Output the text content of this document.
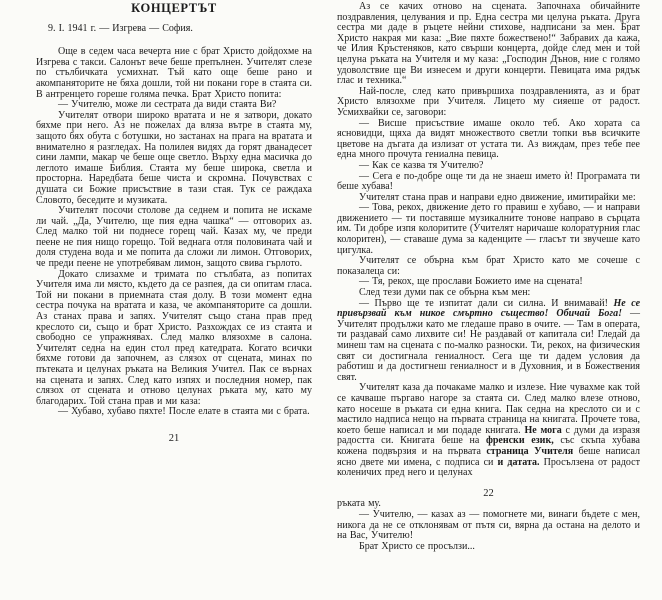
КОНЦЕРТЪТ

9. I. 1941 г. — Изгрева — София.

Още в седем часа вечерта ние с брат Христо дойдохме на Изгрева с такси. Салонът вече беше препълнен. Учителят слезе по стълбичката усмихнат. Тъй като още беше рано и акомпаняторите не бяха дошли, той ни покани горе в стаята си. В антренцето гореше голяма печка. Брат Христо попита:

— Учителю, може ли сестрата да види стаята Ви?

Учителят отвори широко вратата и не я затвори, докато бяхме при него. Аз не пожелах да вляза вътре в стаята му, защото бях обута с ботушки, но застанах на прага на вратата и внимателно я разгледах. На полилея видях да горят дванадесет сини лампи, макар че беше още светло. Върху една масичка до леглото имаше Библия. Стаята му беше широка, светла и просторна. Наредбата беше чиста и скромна. Почувствах с душата си Божие присъствие в тази стая. Тук се раждаха Словото, беседите и музиката.

Учителят посочи столове да седнем и попита не искаме ли чай. „Да, Учителю, ще пия една чашка“ — отговорих аз. След малко той ни поднесе горещ чай. Казах му, че преди пеене не пия нищо горещо. Той веднага отля половината чай и доля студена вода и ме попита да сложи ли лимон. Отговорих, че преди пеене не употребявам лимон, защото свива гърлото.

Докато слизахме и тримата по стълбата, аз попитах Учителя има ли място, където да се разпея, да си опитам гласа. Той ни покани в приемната стая долу. В този момент една сестра почука на вратата и каза, че акомпаняторите са дошли. Аз станах права и запях. Учителят също стана прав пред креслото си, също и брат Христо. Разхождах се из стаята и свободно се упражнявах. След малко влязохме в салона. Учителят седна на един стол пред катедрата. Когато всички бяхме готови да започнем, аз слязох от сцената, минах по пътеката и целунах ръката на Великия Учител. Пак се върнах на сцената и запях. След като изпях и последния номер, пак слязох от сцената и отново целунах ръката му, като му благодарих. Той стана прав и ми каза:

— Хубаво, хубаво пяхте! После елате в стаята ми с брата.

21

Аз се качих отново на сцената. Започнаха обичайните поздравления, целувания и пр. Една сестра ми целуна ръката. Друга сестра ми даде в ръцете нейни стихове, надписани за мен. Брат Христо накрая ми каза: „Вие пяхте божествено!“ Забравих да кажа, че Илия Кръстеняков, като свърши концерта, дойде след мен и той целуна ръката на Учителя и му каза: „Господин Дънов, ние с голямо удоволствие ще Ви изнесем и други концерти. Певицата има рядък глас и техника.“

Най-после, след като привършиха поздравленията, аз и брат Христо влязохме при Учителя. Лицето му сияеше от радост. Усмихвайки се, заговори:

— Висше присъствие имаше около теб. Ако хората са ясновидци, щяха да видят множеството светли топки във всичките цветове на дъгата да излизат от устата ти. Аз виждам, през тебе пее една много прочута гениална певица.

— Как се казва тя Учителю?

— Сега е по-добре още ти да не знаеш името ѝ! Програмата ти беше хубава!

Учителят стана прав и направи едно движение, имитирайки ме:

— Това, рекох, движение дето го правиш е хубаво, — и направи движението — ти поставяше музикалните тонове направо в сърцата им. Ти добре изпя колоритите (Учителят наричаше колоратурния глас колоритен), — ставаше дума за каденците — гласът ти звучеше като цигулка.

Учителят се обърна към брат Христо като ме сочеше с показалеца си:

— Тя, рекох, ще прослави Божието име на сцената!

След тези думи пак се обърна към мен:

— Първо ще те изпитат дали си силна. И внимавай! Не се привързвай към никое смъртно същество! Обичай Бога! — Учителят продължи като ме гледаше право в очите. — Там в операта, ти раздавай само лихвите си! Не раздавай от капитала си! Гледай да минеш там на сцената с по-малко разноски. Ти, рекох, на физическия свят си достигнала гениалност. Сега ще ти дадем условия да работиш и да достигнеш гениалност и в Духовния, и в Божествения свят.

Учителят каза да почакаме малко и излезе. Ние чувахме как той се качваше пъргаво нагоре за стаята си. След малко влезе отново, като носеше в ръката си една книга. Пак седна на креслото си и с мастило надписа нещо на първата страница на книгата. Прочете това, което беше написал и ми подаде книгата. Не мога с думи да изразя радостта си. Книгата беше на френски език, със скъпа хубава кожена подвързия и на първата страница Учителя беше написал ясно двете ми имена, с подписа си и датата. Просълзена от радост коленичих пред него и целунах

22

ръката му.

— Учителю, — казах аз — помогнете ми, винаги бъдете с мен, никога да не се отклонявам от пътя си, вярна да остана на делото и на Вас, Учителю!

Брат Христо се просълзи...
